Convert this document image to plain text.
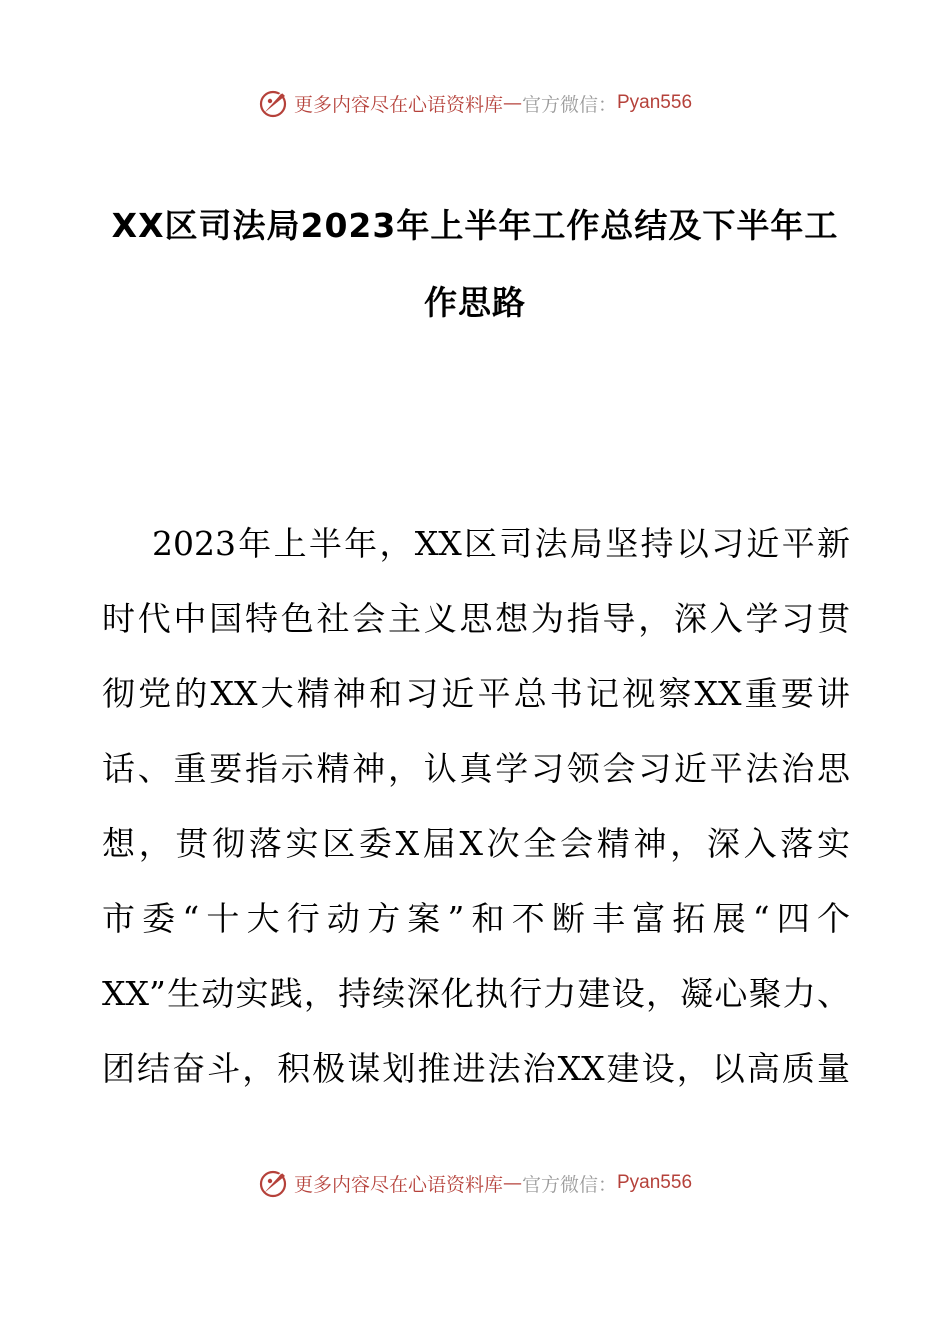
更多内容尽在心语资料库 — 官方微信： Pyan556
XX区司法局2023年上半年工作总结及下半年工
作思路
2023年上半年，XX区司法局坚持以习近平新
时代中国特色社会主义思想为指导，深入学习贯
彻党的XX大精神和习近平总书记视察XX重要讲
话、重要指示精神，认真学习领会习近平法治思
想，贯彻落实区委X届X次全会精神，深入落实
市委“十大行动方案”和不断丰富拓展“四个
XX”生动实践，持续深化执行力建设，凝心聚力、
团结奋斗，积极谋划推进法治XX建设，以高质量
更多内容尽在心语资料库 — 官方微信： Pyan556
